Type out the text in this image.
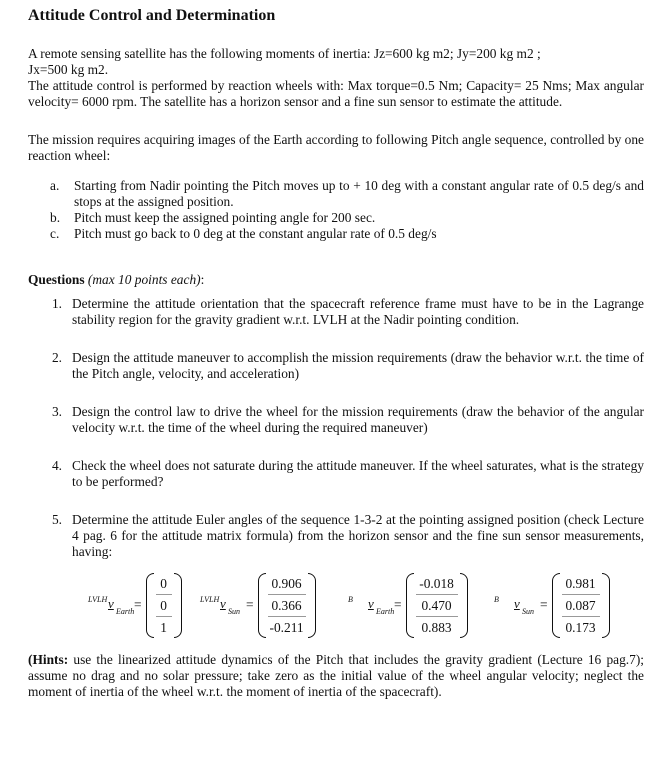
Attitude Control and Determination

A remote sensing satellite has the following moments of inertia: Jz=600 kg m2; Jy=200 kg m2 ;

Jx=500 kg m2.

The attitude control is performed by reaction wheels with: Max torque=0.5 Nm; Capacity= 25 Nms; Max angular velocity= 6000 rpm. The satellite has a horizon sensor and a fine sun sensor to estimate the attitude.

The mission requires acquiring images of the Earth according to following Pitch angle sequence, controlled by one reaction wheel:

a.	Starting from Nadir pointing the Pitch moves up to + 10 deg with a constant angular rate of 0.5 deg/s and stops at the assigned position.
b.	Pitch must keep the assigned pointing angle for 200 sec.
c.	Pitch must go back to 0 deg at the constant angular rate of 0.5 deg/s

Questions (max 10 points each):

1. Determine the attitude orientation that the spacecraft reference frame must have to be in the Lagrange stability region for the gravity gradient w.r.t. LVLH at the Nadir pointing condition.
2. Design the attitude maneuver to accomplish the mission requirements (draw the behavior w.r.t. the time of the Pitch angle, velocity, and acceleration)
3. Design the control law to drive the wheel for the mission requirements (draw the behavior of the angular velocity w.r.t. the time of the wheel during the required maneuver)
4. Check the wheel does not saturate during the attitude maneuver. If the wheel saturates, what is the strategy to be performed?
5. Determine the attitude Euler angles of the sequence 1-3-2 at the pointing assigned position (check Lecture 4 pag. 6 for the attitude matrix formula) from the horizon sensor and the fine sun sensor measurements, having:
LVLH v
Earth =
0
0
1
LVLH v
Sun =
0.906
0.366
-0.211
B v
Earth =
-0.018
0.470
0.883
B v
Sun =
0.981
0.087
0.173

(Hints: use the linearized attitude dynamics of the Pitch that includes the gravity gradient (Lecture 16 pag.7); assume no drag and no solar pressure; take zero as the initial value of the wheel angular velocity; neglect the moment of inertia of the wheel w.r.t. the moment of inertia of the spacecraft).
